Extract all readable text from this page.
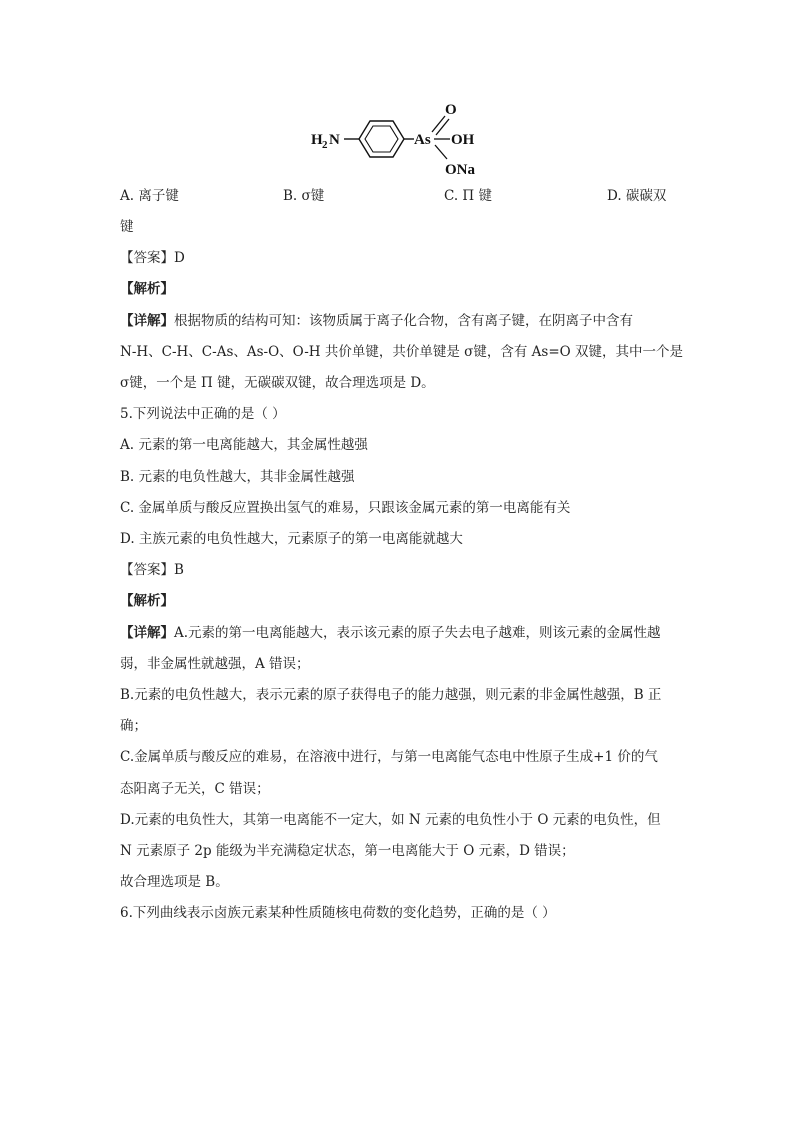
H 2 N	As
O
OH
ONa
A. 离子键	B. σ键	C. Π 键	D. 碳碳双
键
【答案】D
【解析】
【详解】根据物质的结构可知：该物质属于离子化合物，含有离子键，在阴离子中含有
N-H、C-H、C-As、As-O、O-H 共价单键，共价单键是 σ键，含有 As=O 双键，其中一个是
σ键，一个是 Π 键，无碳碳双键，故合理选项是 D。
5.下列说法中正确的是（ ）
A. 元素的第一电离能越大，其金属性越强
B. 元素的电负性越大，其非金属性越强
C. 金属单质与酸反应置换出氢气的难易，只跟该金属元素的第一电离能有关
D. 主族元素的电负性越大，元素原子的第一电离能就越大
【答案】B
【解析】
【详解】A.元素的第一电离能越大，表示该元素的原子失去电子越难，则该元素的金属性越
弱，非金属性就越强，A 错误；
B.元素的电负性越大，表示元素的原子获得电子的能力越强，则元素的非金属性越强，B 正
确；
C.金属单质与酸反应的难易，在溶液中进行，与第一电离能气态电中性原子生成+1 价的气
态阳离子无关，C 错误；
D.元素的电负性大，其第一电离能不一定大，如 N 元素的电负性小于 O 元素的电负性，但
N 元素原子 2p 能级为半充满稳定状态，第一电离能大于 O 元素，D 错误；
故合理选项是 B。
6.下列曲线表示卤族元素某种性质随核电荷数的变化趋势，正确的是（ ）
